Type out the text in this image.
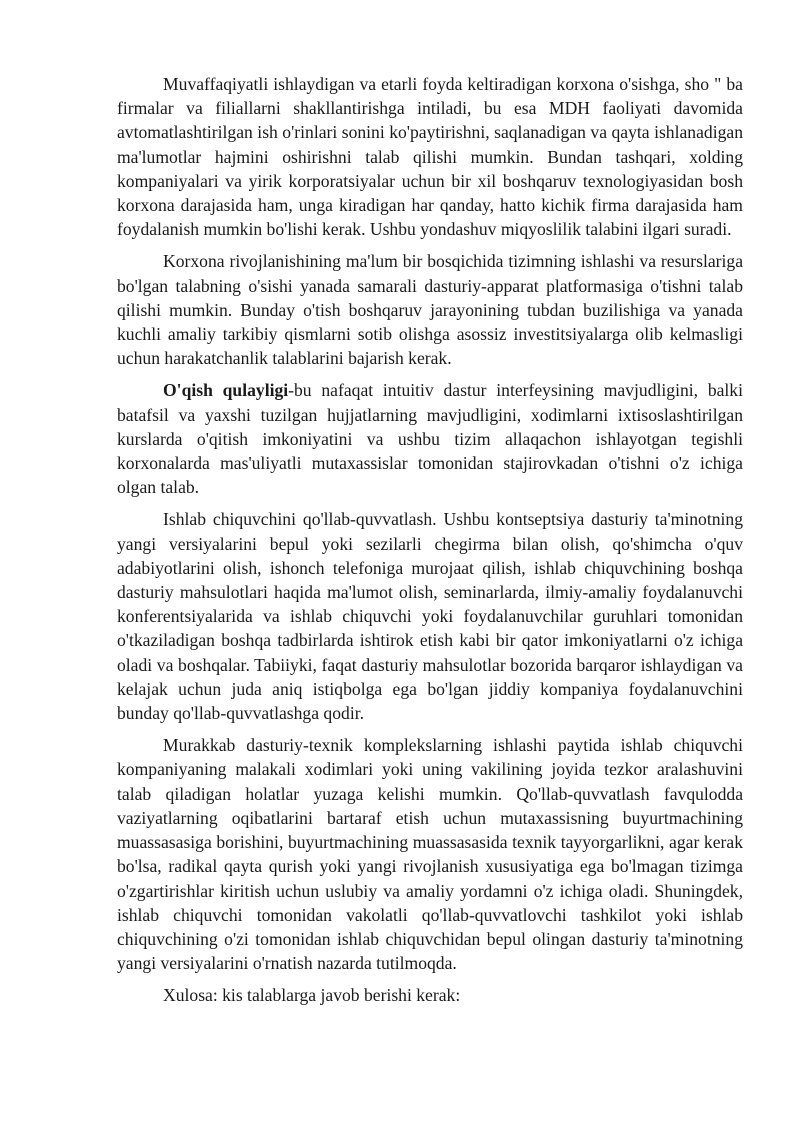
Muvaffaqiyatli ishlaydigan va etarli foyda keltiradigan korxona o'sishga, sho " ba firmalar va filiallarni shakllantirishga intiladi, bu esa MDH faoliyati davomida avtomatlashtirilgan ish o'rinlari sonini ko'paytirishni, saqlanadigan va qayta ishlanadigan ma'lumotlar hajmini oshirishni talab qilishi mumkin. Bundan tashqari, xolding kompaniyalari va yirik korporatsiyalar uchun bir xil boshqaruv texnologiyasidan bosh korxona darajasida ham, unga kiradigan har qanday, hatto kichik firma darajasida ham foydalanish mumkin bo'lishi kerak. Ushbu yondashuv miqyoslilik talabini ilgari suradi.

Korxona rivojlanishining ma'lum bir bosqichida tizimning ishlashi va resurslariga bo'lgan talabning o'sishi yanada samarali dasturiy-apparat platformasiga o'tishni talab qilishi mumkin. Bunday o'tish boshqaruv jarayonining tubdan buzilishiga va yanada kuchli amaliy tarkibiy qismlarni sotib olishga asossiz investitsiyalarga olib kelmasligi uchun harakatchanlik talablarini bajarish kerak.

O'qish qulayligi-bu nafaqat intuitiv dastur interfeysining mavjudligini, balki batafsil va yaxshi tuzilgan hujjatlarning mavjudligini, xodimlarni ixtisoslashtirilgan kurslarda o'qitish imkoniyatini va ushbu tizim allaqachon ishlayotgan tegishli korxonalarda mas'uliyatli mutaxassislar tomonidan stajirovkadan o'tishni o'z ichiga olgan talab.

Ishlab chiquvchini qo'llab-quvvatlash. Ushbu kontseptsiya dasturiy ta'minotning yangi versiyalarini bepul yoki sezilarli chegirma bilan olish, qo'shimcha o'quv adabiyotlarini olish, ishonch telefoniga murojaat qilish, ishlab chiquvchining boshqa dasturiy mahsulotlari haqida ma'lumot olish, seminarlarda, ilmiy-amaliy foydalanuvchi konferentsiyalarida va ishlab chiquvchi yoki foydalanuvchilar guruhlari tomonidan o'tkaziladigan boshqa tadbirlarda ishtirok etish kabi bir qator imkoniyatlarni o'z ichiga oladi va boshqalar. Tabiiyki, faqat dasturiy mahsulotlar bozorida barqaror ishlaydigan va kelajak uchun juda aniq istiqbolga ega bo'lgan jiddiy kompaniya foydalanuvchini bunday qo'llab-quvvatlashga qodir.

Murakkab dasturiy-texnik komplekslarning ishlashi paytida ishlab chiquvchi kompaniyaning malakali xodimlari yoki uning vakilining joyida tezkor aralashuvini talab qiladigan holatlar yuzaga kelishi mumkin. Qo'llab-quvvatlash favqulodda vaziyatlarning oqibatlarini bartaraf etish uchun mutaxassisning buyurtmachining muassasasiga borishini, buyurtmachining muassasasida texnik tayyorgarlikni, agar kerak bo'lsa, radikal qayta qurish yoki yangi rivojlanish xususiyatiga ega bo'lmagan tizimga o'zgartirishlar kiritish uchun uslubiy va amaliy yordamni o'z ichiga oladi. Shuningdek, ishlab chiquvchi tomonidan vakolatli qo'llab-quvvatlovchi tashkilot yoki ishlab chiquvchining o'zi tomonidan ishlab chiquvchidan bepul olingan dasturiy ta'minotning yangi versiyalarini o'rnatish nazarda tutilmoqda.

Xulosa: kis talablarga javob berishi kerak:
